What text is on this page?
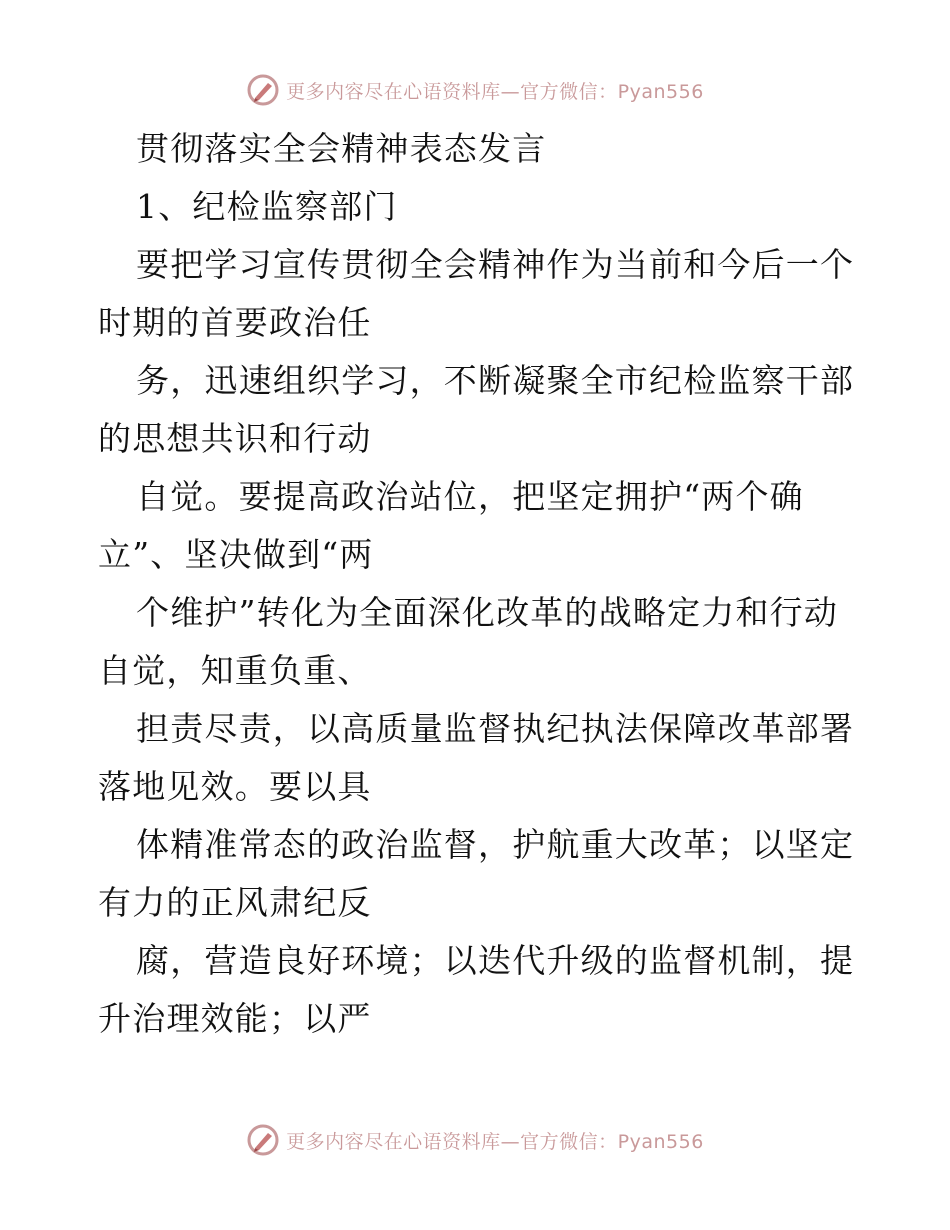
更多内容尽在心语资料库—官方微信：Pyan556
贯彻落实全会精神表态发言
1、纪检监察部门
要把学习宣传贯彻全会精神作为当前和今后一个
时期的首要政治任
务，迅速组织学习，不断凝聚全市纪检监察干部
的思想共识和行动
自觉。要提高政治站位，把坚定拥护“两个确
立”、坚决做到“两
个维护”转化为全面深化改革的战略定力和行动
自觉，知重负重、
担责尽责，以高质量监督执纪执法保障改革部署
落地见效。要以具
体精准常态的政治监督，护航重大改革；以坚定
有力的正风肃纪反
腐，营造良好环境；以迭代升级的监督机制，提
升治理效能；以严
更多内容尽在心语资料库—官方微信：Pyan556
